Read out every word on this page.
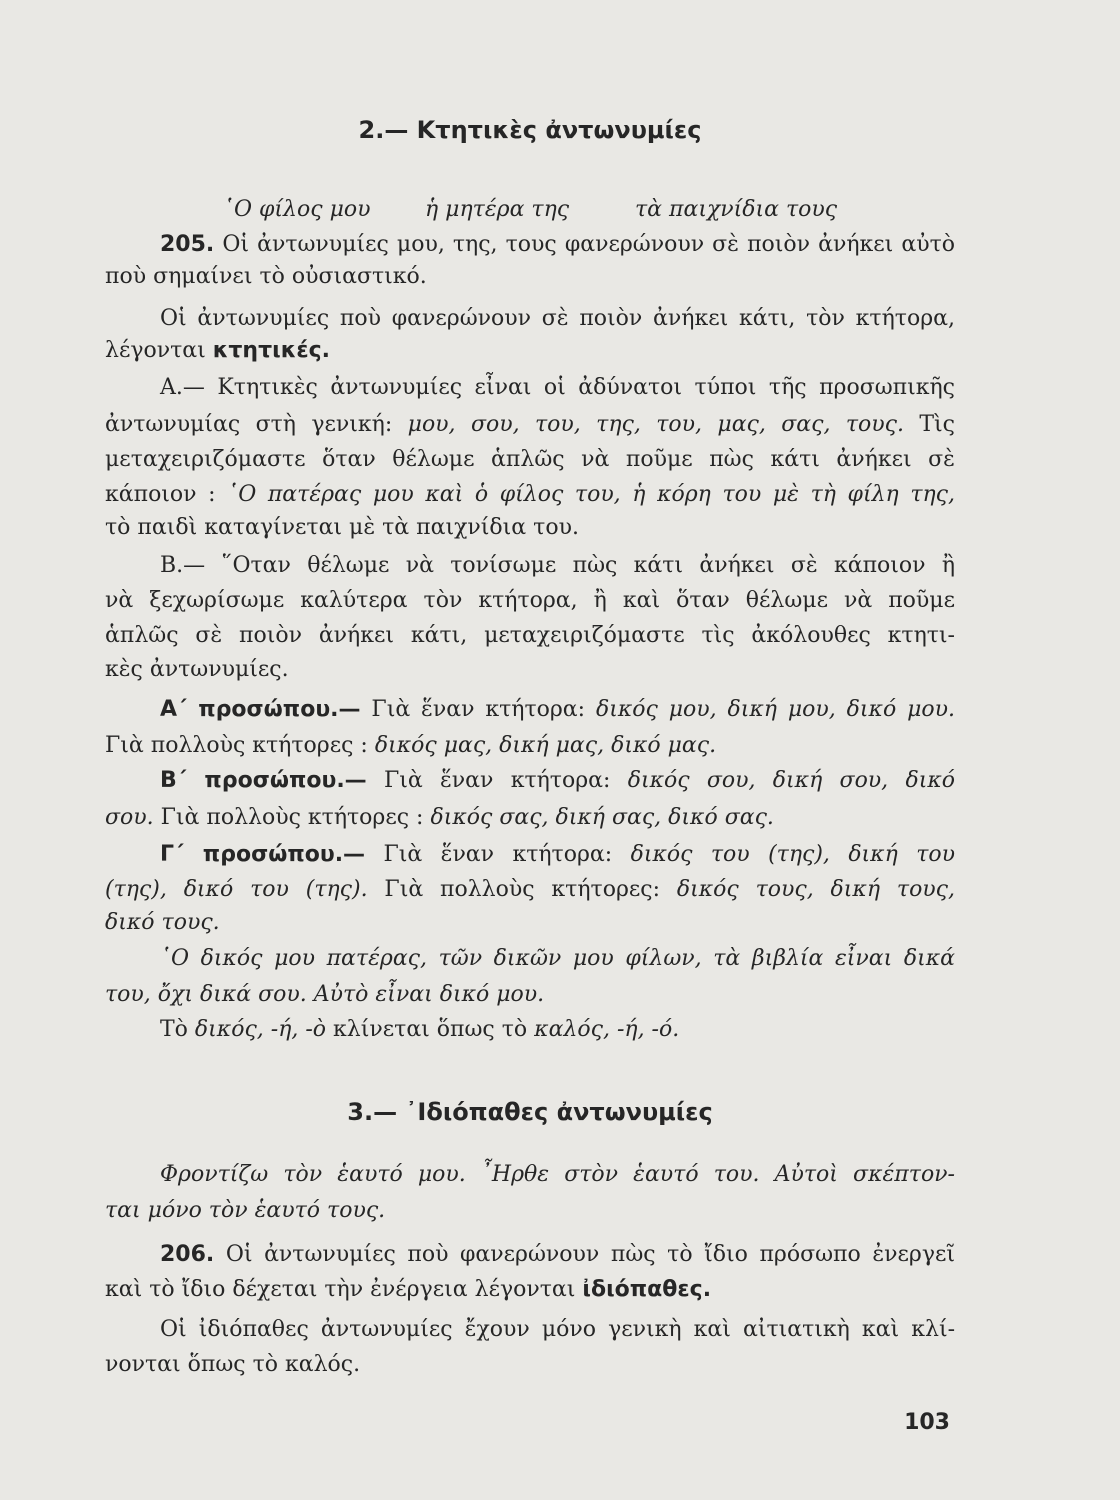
2.— Κτητικὲς ἀντωνυμίες
῾Ο φίλος μου ἡ μητέρα της	τὰ παιχνίδια τους
205. Οἱ ἀντωνυμίες μου, της, τους φανερώνουν σὲ ποιὸν ἀνήκει αὐτὸ
ποὺ σημαίνει τὸ οὐσιαστικό.
Οἱ ἀντωνυμίες ποὺ φανερώνουν σὲ ποιὸν ἀνήκει κάτι, τὸν κτήτορα,
λέγονται κτητικές.
Α.— Κτητικὲς ἀντωνυμίες εἶναι οἱ ἀδύνατοι τύποι τῆς προσωπικῆς
ἀντωνυμίας στὴ γενική: μου, σου, του, της, του, μας, σας, τους. Τὶς
μεταχειριζόμαστε ὅταν θέλωμε ἁπλῶς νὰ ποῦμε πὼς κάτι ἀνήκει σὲ
κάποιον : ῾Ο πατέρας μου καὶ ὁ φίλος του, ἡ κόρη του μὲ τὴ φίλη της,
τὸ παιδὶ καταγίνεται μὲ τὰ παιχνίδια του.
Β.— ῞Οταν θέλωμε νὰ τονίσωμε πὼς κάτι ἀνήκει σὲ κάποιον ἢ
νὰ ξεχωρίσωμε καλύτερα τὸν κτήτορα, ἢ καὶ ὅταν θέλωμε νὰ ποῦμε
ἁπλῶς σὲ ποιὸν ἀνήκει κάτι, μεταχειριζόμαστε τὶς ἀκόλουθες κτητι-
κὲς ἀντωνυμίες.
Α΄ προσώπου.— Γιὰ ἕναν κτήτορα: δικός μου, δική μου, δικό μου.
Γιὰ πολλοὺς κτήτορες : δικός μας, δική μας, δικό μας.
Β΄ προσώπου.— Γιὰ ἕναν κτήτορα: δικός σου, δική σου, δικό
σου. Γιὰ πολλοὺς κτήτορες : δικός σας, δική σας, δικό σας.
Γ΄ προσώπου.— Γιὰ ἕναν κτήτορα: δικός του (της), δική του
(της), δικό του (της). Γιὰ πολλοὺς κτήτορες: δικός τους, δική τους,
δικό τους.
῾Ο δικός μου πατέρας, τῶν δικῶν μου φίλων, τὰ βιβλία εἶναι δικά
του, ὄχι δικά σου. Αὐτὸ εἶναι δικό μου.
Τὸ δικός, -ή, -ὸ κλίνεται ὅπως τὸ καλός, -ή, -ό.
3.— ᾿Ιδιόπαθες ἀντωνυμίες
Φροντίζω τὸν ἑαυτό μου. ῏Ηρθε στὸν ἑαυτό του. Αὐτοὶ σκέπτον-
ται μόνο τὸν ἑαυτό τους.
206. Οἱ ἀντωνυμίες ποὺ φανερώνουν πὼς τὸ ἴδιο πρόσωπο ἐνεργεῖ
καὶ τὸ ἴδιο δέχεται τὴν ἐνέργεια λέγονται ἰδιόπαθες.
Οἱ ἰδιόπαθες ἀντωνυμίες ἔχουν μόνο γενικὴ καὶ αἰτιατικὴ καὶ κλί-
νονται ὅπως τὸ καλός.
103
